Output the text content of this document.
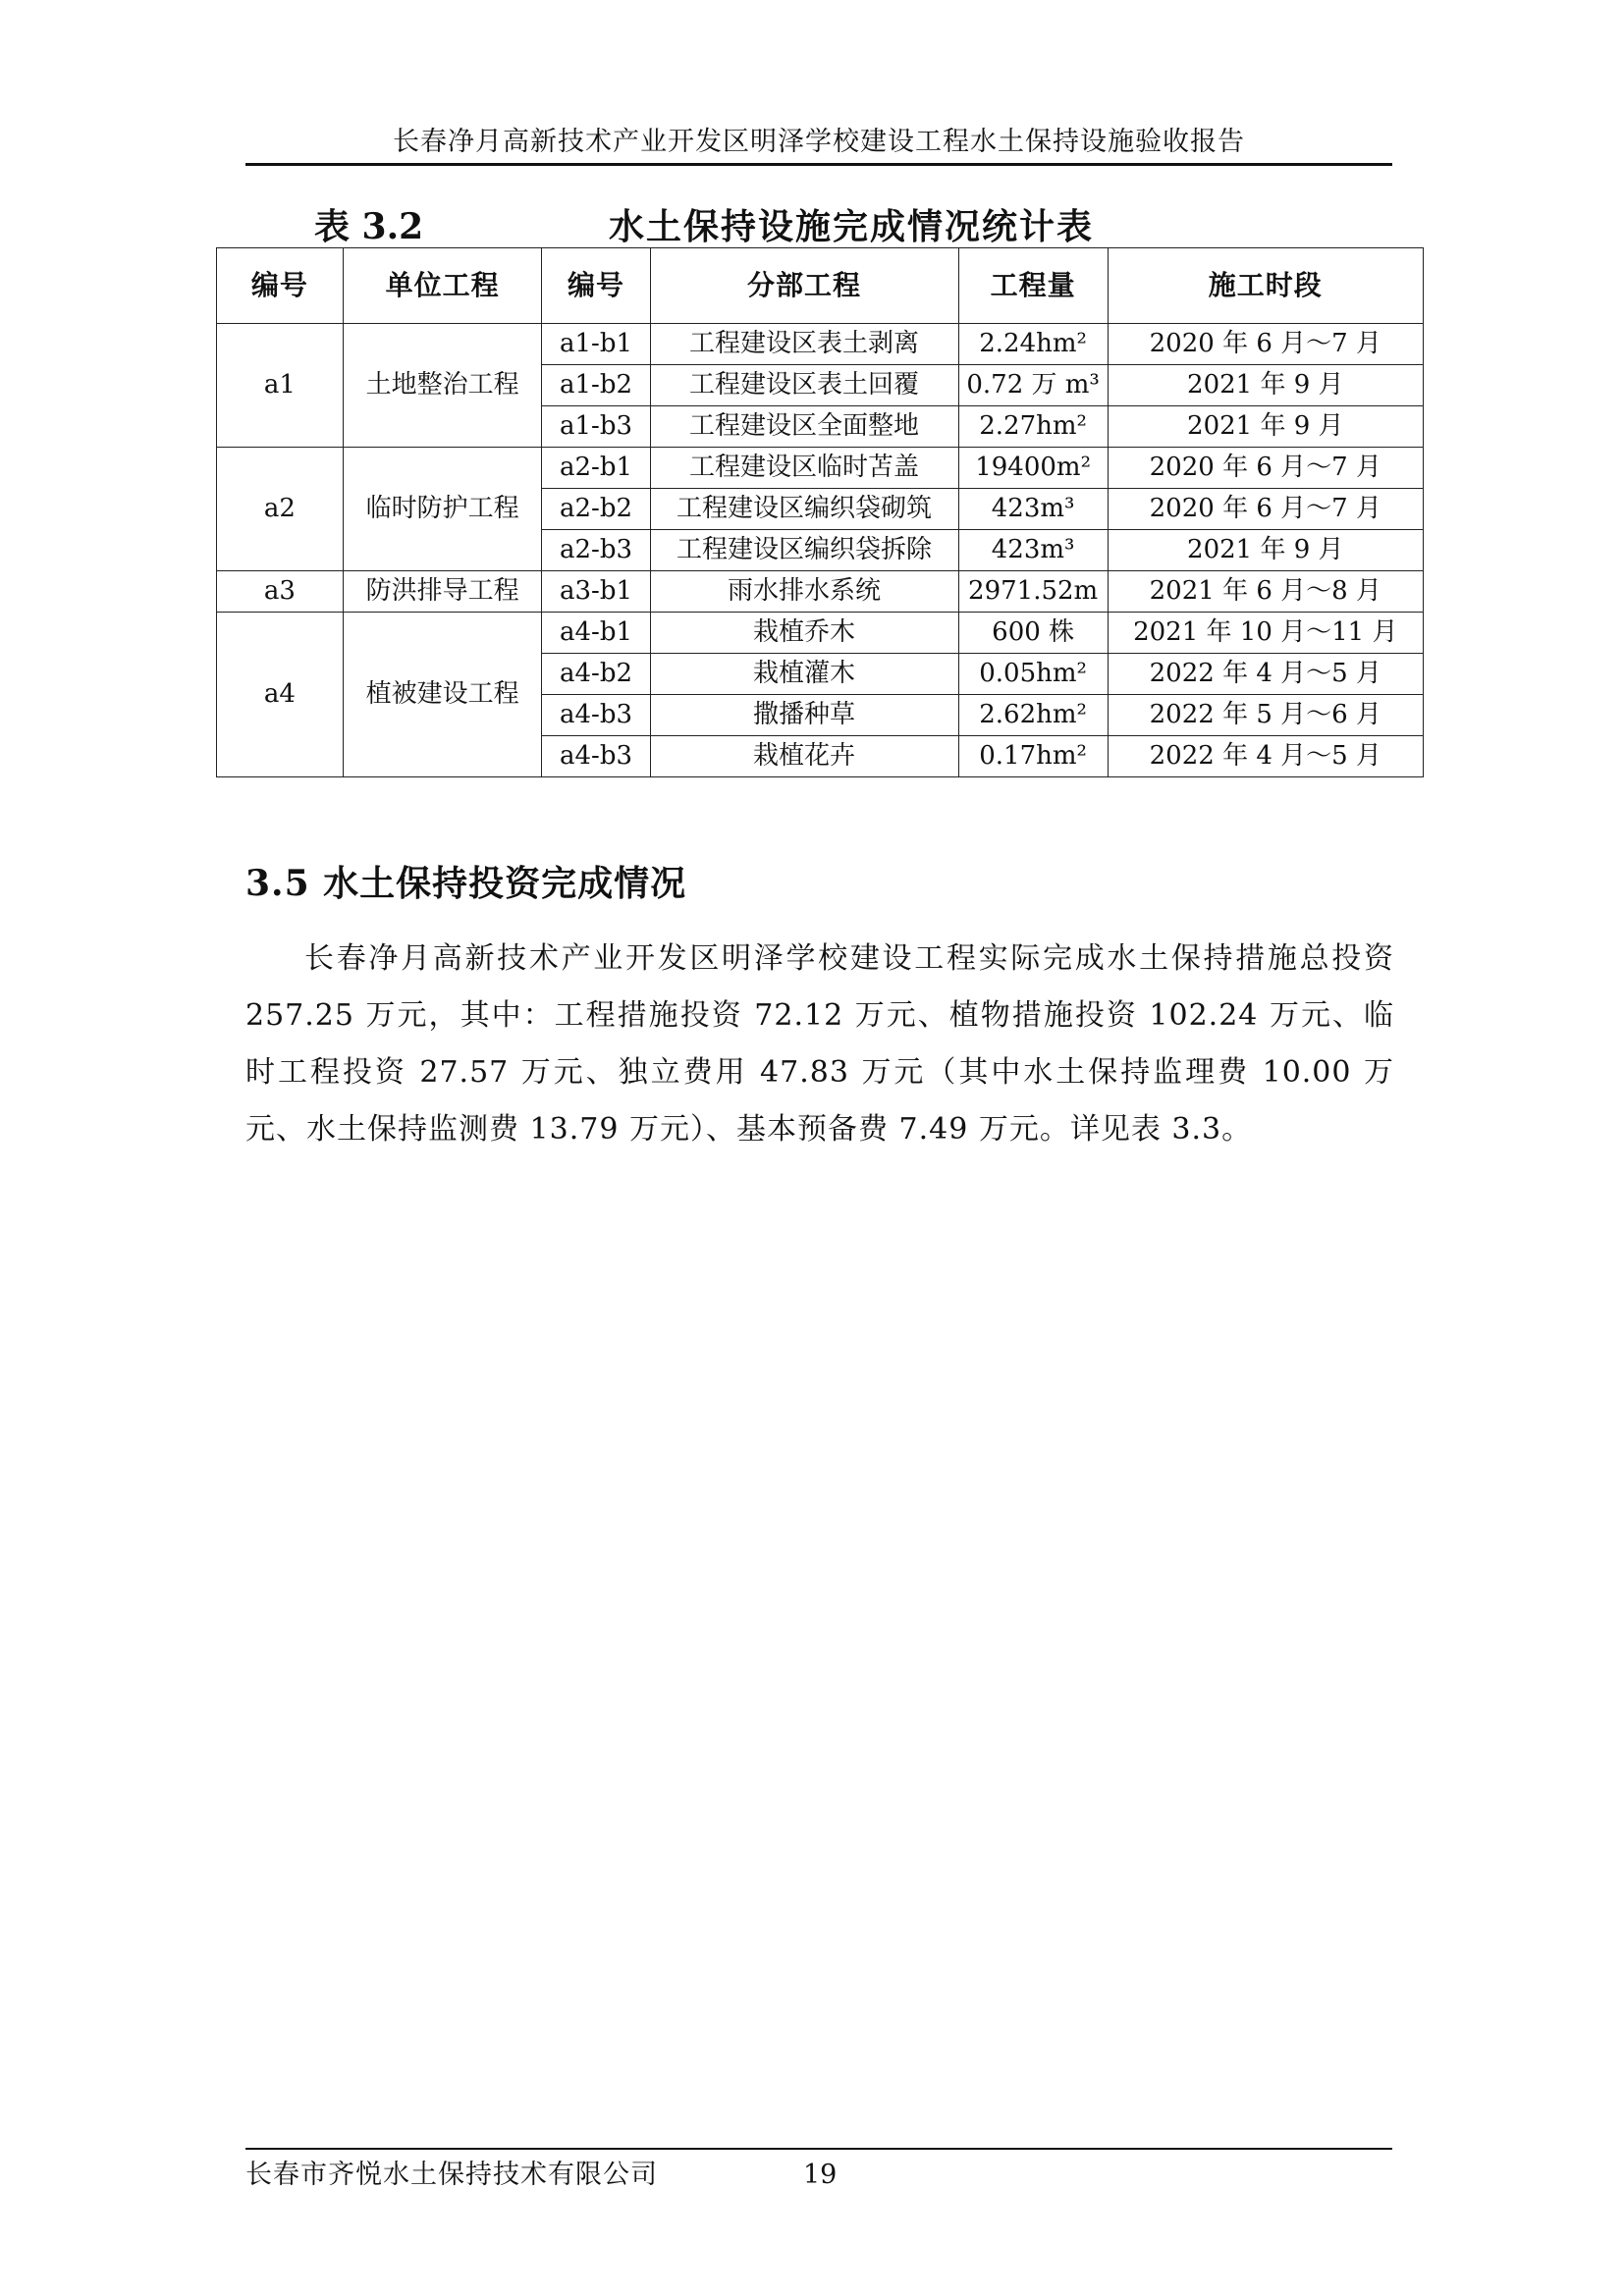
长春净月高新技术产业开发区明泽学校建设工程水土保持设施验收报告
表 3.2	水土保持设施完成情况统计表
编号	单位工程	编号	分部工程	工程量	施工时段
a1	土地整治工程	a1-b1	工程建设区表土剥离	2.24hm²	2020 年 6 月～7 月
		a1-b2	工程建设区表土回覆	0.72 万 m³	2021 年 9 月
		a1-b3	工程建设区全面整地	2.27hm²	2021 年 9 月
a2	临时防护工程	a2-b1	工程建设区临时苫盖	19400m²	2020 年 6 月～7 月
		a2-b2	工程建设区编织袋砌筑	423m³	2020 年 6 月～7 月
		a2-b3	工程建设区编织袋拆除	423m³	2021 年 9 月
a3	防洪排导工程	a3-b1	雨水排水系统	2971.52m	2021 年 6 月～8 月
a4	植被建设工程	a4-b1	栽植乔木	600 株	2021 年 10 月～11 月
		a4-b2	栽植灌木	0.05hm²	2022 年 4 月～5 月
		a4-b3	撒播种草	2.62hm²	2022 年 5 月～6 月
		a4-b3	栽植花卉	0.17hm²	2022 年 4 月～5 月
3.5 水土保持投资完成情况

长春净月高新技术产业开发区明泽学校建设工程实际完成水土保持措施总投资 257.25 万元，其中：工程措施投资 72.12 万元、植物措施投资 102.24 万元、临时工程投资 27.57 万元、独立费用 47.83 万元（其中水土保持监理费 10.00 万元、水土保持监测费 13.79 万元）、基本预备费 7.49 万元。详见表 3.3。

长春市齐悦水土保持技术有限公司	19
